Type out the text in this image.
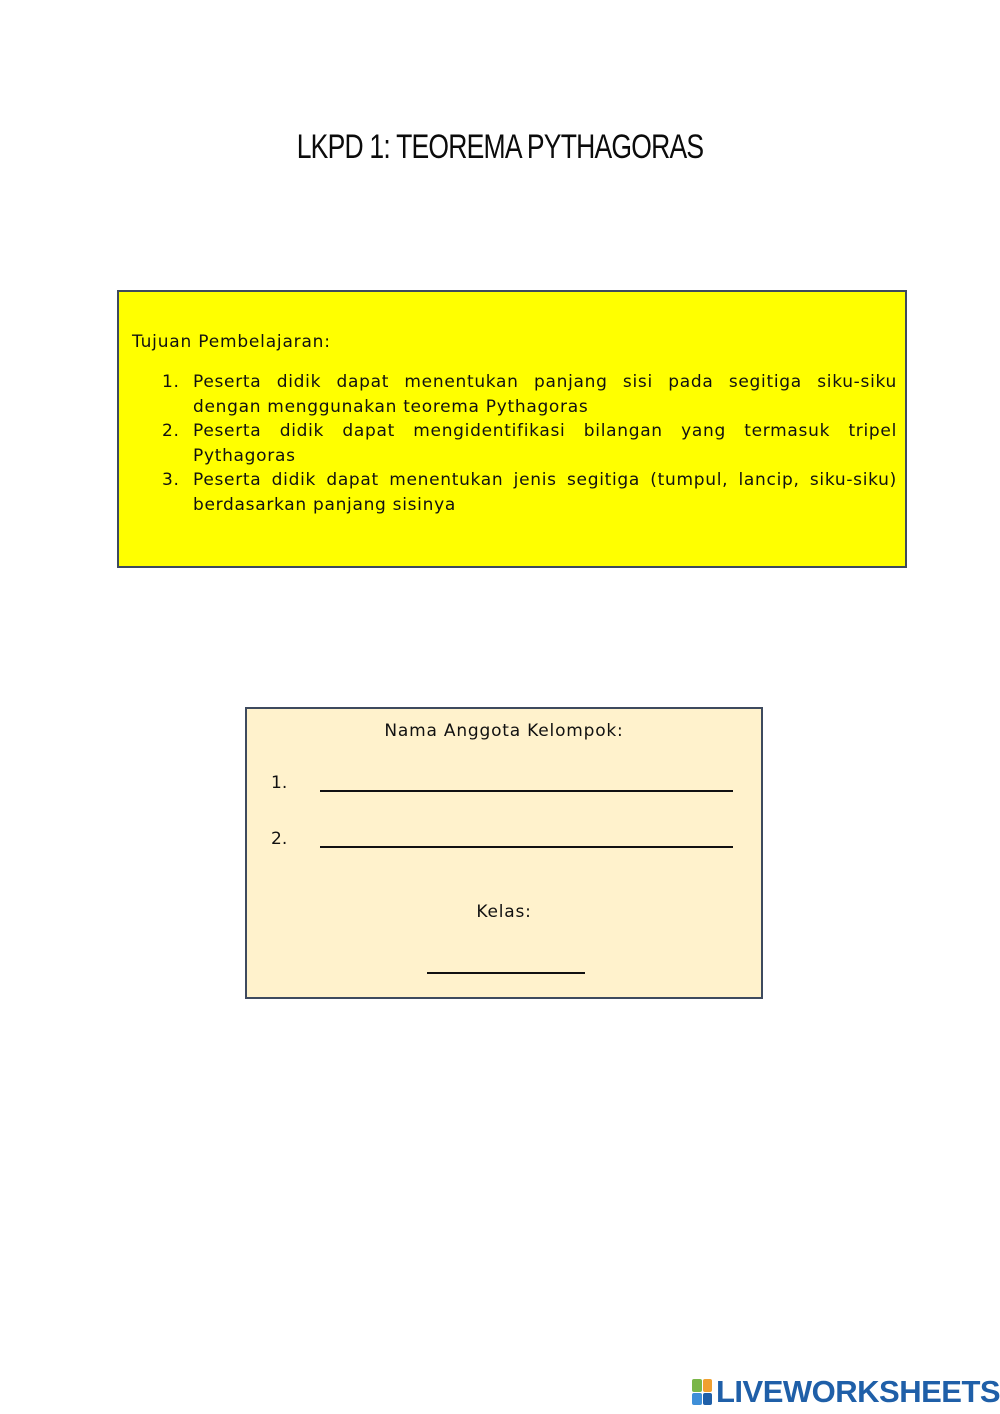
LKPD 1: TEOREMA PYTHAGORAS
Tujuan Pembelajaran:
1. Peserta didik dapat menentukan panjang sisi pada segitiga siku-siku dengan menggunakan teorema Pythagoras
2. Peserta didik dapat mengidentifikasi bilangan yang termasuk tripel Pythagoras
3. Peserta didik dapat menentukan jenis segitiga (tumpul, lancip, siku-siku) berdasarkan panjang sisinya
Nama Anggota Kelompok:
1.
2.
Kelas:
LIVEWORKSHEETS
